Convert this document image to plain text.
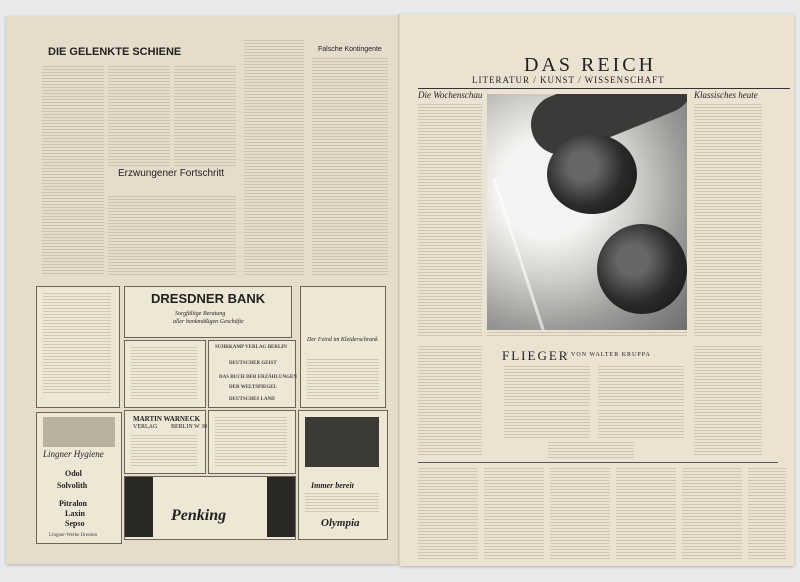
DIE GELENKTE SCHIENE
Erzwungener Fortschritt
Falsche Kontingente
DRESDNER BANK
Sorgfältige Beratung
aller bankmäßigen Geschäfte
SUHRKAMP VERLAG BERLIN
DEUTSCHER GEIST
DAS BUCH DER ERZÄHLUNGEN
DER WELTSPIEGEL
DEUTSCHES LAND
Der Feind im Kleiderschrank
Lingner Hygiene
Odol
Solvolith
Pitralon
Laxin
Sepso
Lingner-Werke Dresden
MARTIN WARNECK
VERLAG BERLIN W 30
Immer bereit
Olympia
Penking
DAS REICH
LITERATUR / KUNST / WISSENSCHAFT
Die Wochenschau	Klassisches heute
FLIEGER
/ VON WALTER KRUPPA
